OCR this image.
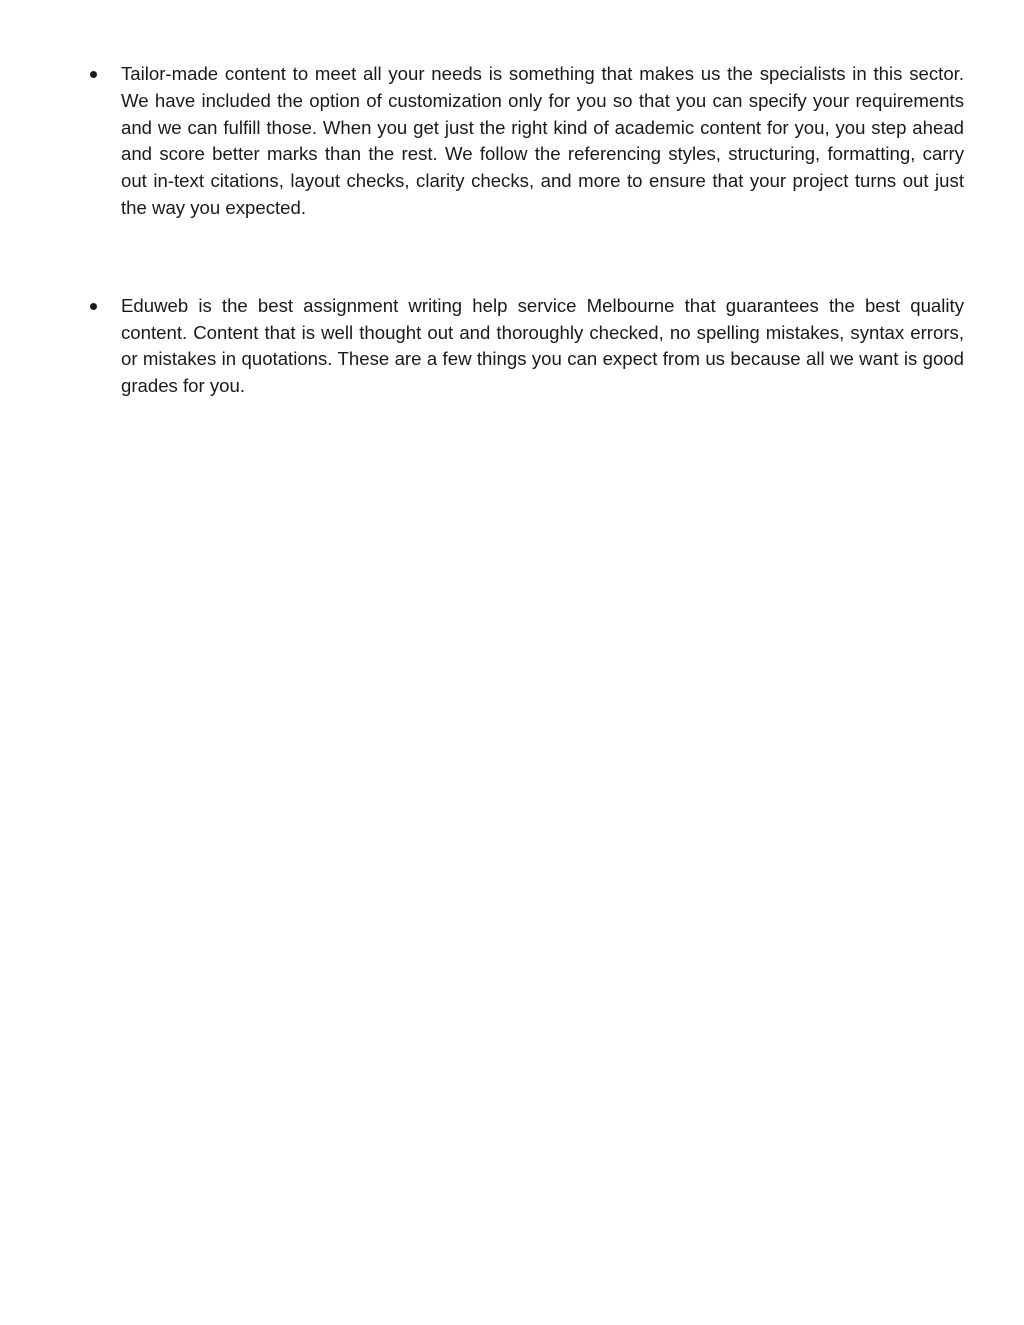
Tailor-made content to meet all your needs is something that makes us the specialists in this sector. We have included the option of customization only for you so that you can specify your requirements and we can fulfill those. When you get just the right kind of academic content for you, you step ahead and score better marks than the rest. We follow the referencing styles, structuring, formatting, carry out in-text citations, layout checks, clarity checks, and more to ensure that your project turns out just the way you expected.
Eduweb is the best assignment writing help service Melbourne that guarantees the best quality content. Content that is well thought out and thoroughly checked, no spelling mistakes, syntax errors, or mistakes in quotations. These are a few things you can expect from us because all we want is good grades for you.
